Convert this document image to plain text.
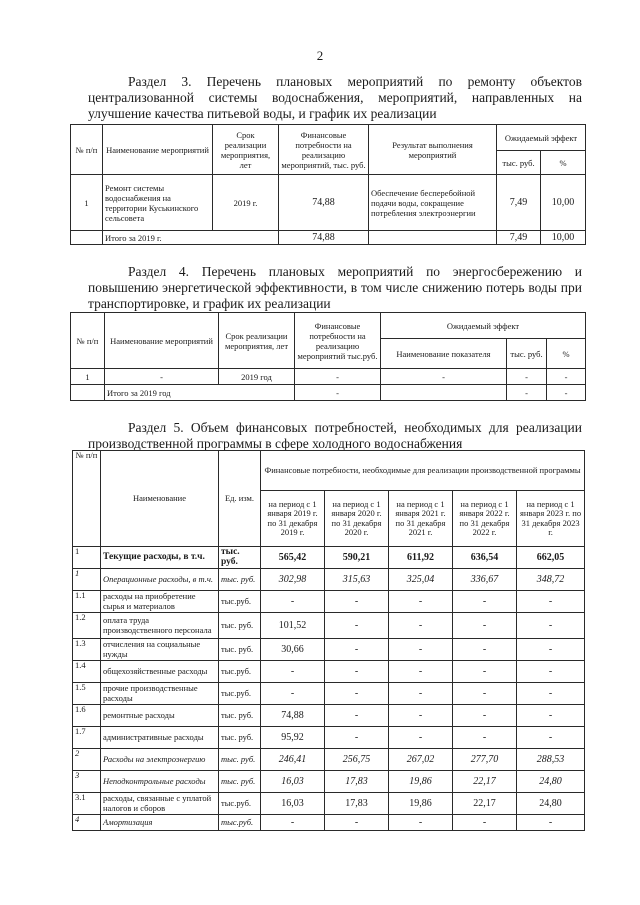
2
Раздел 3. Перечень плановых мероприятий по ремонту объектов централизованной системы водоснабжения, мероприятий, направленных на улучшение качества питьевой воды, и график их реализации
№ п/п	Наименование мероприятий	Срок реализации мероприятия, лет	Финансовые потребности на реализацию мероприятий, тыс. руб.	Результат выполнения мероприятий	Ожидаемый эффект	
					тыс. руб.	%
1	Ремонт системы водоснабжения на территории Куськинского сельсовета	2019 г.	74,88	Обеспечение бесперебойной подачи воды, сокращение потребления электроэнергии	7,49	10,00
	Итого за 2019 г.		74,88		7,49	10,00
Раздел 4. Перечень плановых мероприятий по энергосбережению и повышению энергетической эффективности, в том числе снижению потерь воды при транспортировке, и график их реализации
№ п/п	Наименование мероприятий	Срок реализации мероприятия, лет	Финансовые потребности на реализацию мероприятий тыс.руб.	Ожидаемый эффект		
				Наименование показателя	тыс. руб.	%
1	-	2019 год	-	-	-	-
	Итого за 2019 год		-		-	-
Раздел 5. Объем финансовых потребностей, необходимых для реализации производственной программы в сфере холодного водоснабжения
№ п/п	Наименование	Ед. изм.	Финансовые потребности, необходимые для реализации производственной программы				
			на период с 1 января 2019 г. по 31 декабря 2019 г.	на период с 1 января 2020 г. по 31 декабря 2020 г.	на период с 1 января 2021 г. по 31 декабря 2021 г.	на период с 1 января 2022 г. по 31 декабря 2022 г.	на период с 1 января 2023 г. по 31 декабря 2023 г.
1	Текущие расходы, в т.ч.	тыс. руб.	565,42	590,21	611,92	636,54	662,05
1	Операционные расходы, в т.ч.	тыс. руб.	302,98	315,63	325,04	336,67	348,72
1.1	расходы на приобретение сырья и материалов	тыс.руб.	-	-	-	-	-
1.2	оплата труда производственного персонала	тыс. руб.	101,52	-	-	-	-
1.3	отчисления на социальные нужды	тыс. руб.	30,66	-	-	-	-
1.4	общехозяйственные расходы	тыс.руб.	-	-	-	-	-
1.5	прочие производственные расходы	тыс.руб.	-	-	-	-	-
1.6	ремонтные расходы	тыс. руб.	74,88	-	-	-	-
1.7	административные расходы	тыс. руб.	95,92	-	-	-	-
2	Расходы на электроэнергию	тыс. руб.	246,41	256,75	267,02	277,70	288,53
3	Неподконтрольные расходы	тыс. руб.	16,03	17,83	19,86	22,17	24,80
3.1	расходы, связанные с уплатой налогов и сборов	тыс.руб.	16,03	17,83	19,86	22,17	24,80
4	Амортизация	тыс.руб.	-	-	-	-	-
